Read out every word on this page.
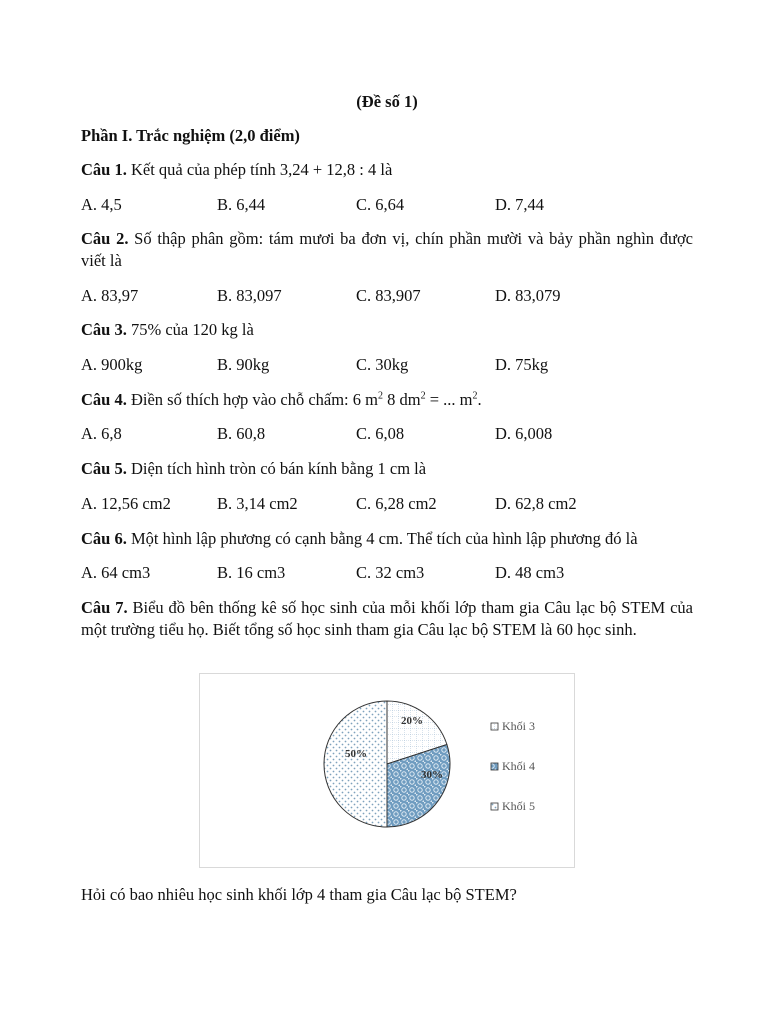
(Đề số 1)
Phần I. Trắc nghiệm (2,0 điểm)
Câu 1. Kết quả của phép tính 3,24 + 12,8 : 4 là
A. 4,5	B. 6,44	C. 6,64	D. 7,44
Câu 2. Số thập phân gồm: tám mươi ba đơn vị, chín phần mười và bảy phần nghìn được viết là
A. 83,97	B. 83,097	C. 83,907	D. 83,079
Câu 3. 75% của 120 kg là
A. 900kg	B. 90kg	C. 30kg	D. 75kg
Câu 4. Điền số thích hợp vào chỗ chấm: 6 $m^2$ 8 $dm^2$ = ... $m^2$.
A. 6,8	B. 60,8	C. 6,08	D. 6,008
Câu 5. Diện tích hình tròn có bán kính bằng 1 cm là
A. 12,56 cm2	B. 3,14 cm2	C. 6,28 cm2	D. 62,8 cm2
Câu 6. Một hình lập phương có cạnh bằng 4 cm. Thể tích của hình lập phương đó là
A. 64 cm3	B. 16 cm3	C. 32 cm3	D. 48 cm3
Câu 7. Biểu đồ bên thống kê số học sinh của mỗi khối lớp tham gia Câu lạc bộ STEM của một trường tiểu họ. Biết tổng số học sinh tham gia Câu lạc bộ STEM là 60 học sinh.
20%
30%
50%
Khối 3
Khối 4
Khối 5
Hỏi có bao nhiêu học sinh khối lớp 4 tham gia Câu lạc bộ STEM?
